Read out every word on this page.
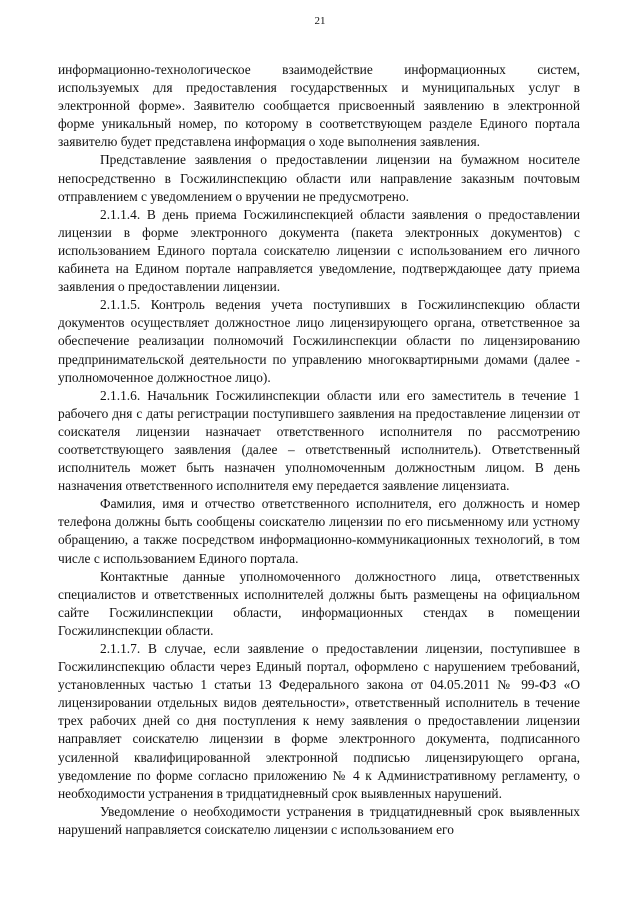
21

информационно-технологическое взаимодействие информационных систем, используемых для предоставления государственных и муниципальных услуг в электронной форме». Заявителю сообщается присвоенный заявлению в электронной форме уникальный номер, по которому в соответствующем разделе Единого портала заявителю будет представлена информация о ходе выполнения заявления.

Представление заявления о предоставлении лицензии на бумажном носителе непосредственно в Госжилинспекцию области или направление заказным почтовым отправлением с уведомлением о вручении не предусмотрено.

2.1.1.4. В день приема Госжилинспекцией области заявления о предоставлении лицензии в форме электронного документа (пакета электронных документов) с использованием Единого портала соискателю лицензии с использованием его личного кабинета на Едином портале направляется уведомление, подтверждающее дату приема заявления о предоставлении лицензии.

2.1.1.5. Контроль ведения учета поступивших в Госжилинспекцию области документов осуществляет должностное лицо лицензирующего органа, ответственное за обеспечение реализации полномочий Госжилинспекции области по лицензированию предпринимательской деятельности по управлению многоквартирными домами (далее - уполномоченное должностное лицо).

2.1.1.6. Начальник Госжилинспекции области или его заместитель в течение 1 рабочего дня с даты регистрации поступившего заявления на предоставление лицензии от соискателя лицензии назначает ответственного исполнителя по рассмотрению соответствующего заявления (далее – ответственный исполнитель). Ответственный исполнитель может быть назначен уполномоченным должностным лицом. В день назначения ответственного исполнителя ему передается заявление лицензиата.

Фамилия, имя и отчество ответственного исполнителя, его должность и номер телефона должны быть сообщены соискателю лицензии по его письменному или устному обращению, а также посредством информационно-коммуникационных технологий, в том числе с использованием Единого портала.

Контактные данные уполномоченного должностного лица, ответственных специалистов и ответственных исполнителей должны быть размещены на официальном сайте Госжилинспекции области, информационных стендах в помещении Госжилинспекции области.

2.1.1.7. В случае, если заявление о предоставлении лицензии, поступившее в Госжилинспекцию области через Единый портал, оформлено с нарушением требований, установленных частью 1 статьи 13 Федерального закона от 04.05.2011 № 99-ФЗ «О лицензировании отдельных видов деятельности», ответственный исполнитель в течение трех рабочих дней со дня поступления к нему заявления о предоставлении лицензии направляет соискателю лицензии в форме электронного документа, подписанного усиленной квалифицированной электронной подписью лицензирующего органа, уведомление по форме согласно приложению № 4 к Административному регламенту, о необходимости устранения в тридцатидневный срок выявленных нарушений.

Уведомление о необходимости устранения в тридцатидневный срок выявленных нарушений направляется соискателю лицензии с использованием его
